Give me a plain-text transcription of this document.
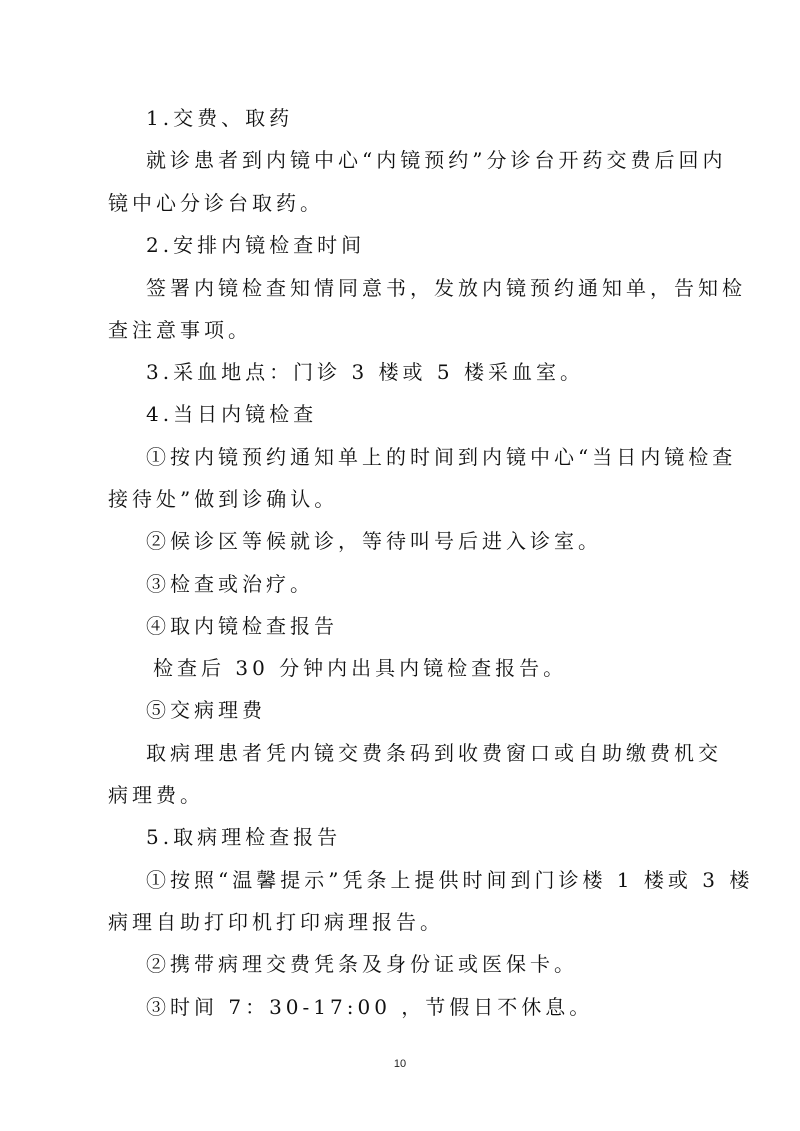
1.交费、取药
就诊患者到内镜中心“内镜预约”分诊台开药交费后回内
镜中心分诊台取药。
2.安排内镜检查时间
签署内镜检查知情同意书，发放内镜预约通知单，告知检
查注意事项。
3.采血地点：门诊 3 楼或 5 楼采血室。
4.当日内镜检查
①按内镜预约通知单上的时间到内镜中心“当日内镜检查
接待处”做到诊确认。
②候诊区等候就诊，等待叫号后进入诊室。
③检查或治疗。
④取内镜检查报告
检查后 30 分钟内出具内镜检查报告。
⑤交病理费
取病理患者凭内镜交费条码到收费窗口或自助缴费机交
病理费。
5.取病理检查报告
①按照“温馨提示”凭条上提供时间到门诊楼 1 楼或 3 楼
病理自助打印机打印病理报告。
②携带病理交费凭条及身份证或医保卡。
③时间 7：30-17:00 ，节假日不休息。
10
